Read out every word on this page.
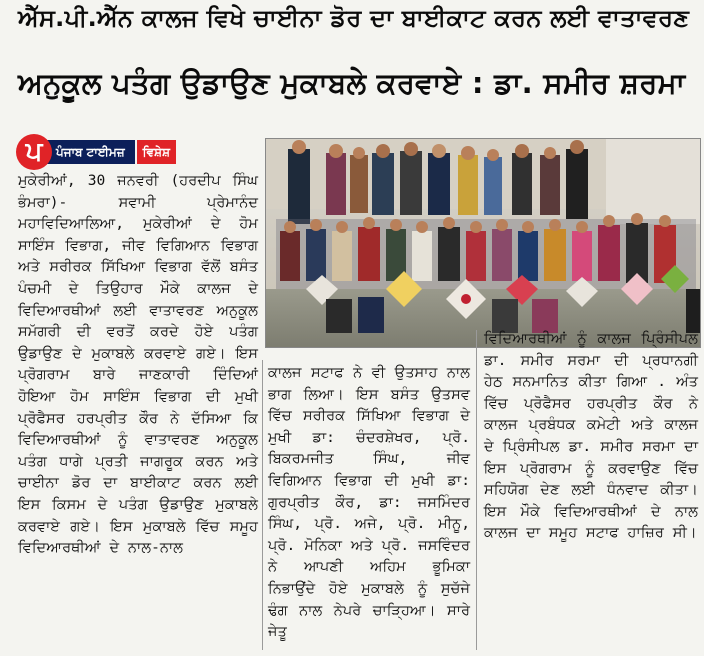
ਐੱਸ.ਪੀ.ਐੱਨ ਕਾਲਜ ਵਿਖੇ ਚਾਈਨਾ ਡੋਰ ਦਾ ਬਾਈਕਾਟ ਕਰਨ ਲਈ ਵਾਤਾਵਰਣ
ਅਨੁਕੂਲ ਪਤੰਗ ਉਡਾਉਣ ਮੁਕਾਬਲੇ ਕਰਵਾਏ : ਡਾ. ਸਮੀਰ ਸ਼ਰਮਾ
ਪ	ਪੰਜਾਬ ਟਾਈਮਜ਼	ਵਿਸ਼ੇਸ਼

ਮੁਕੇਰੀਆਂ, 30 ਜਨਵਰੀ (ਹਰਦੀਪ ਸਿੰਘ ਭੰਮਰਾ)- ਸਵਾਮੀ ਪ੍ਰੇਮਾਨੰਦ ਮਹਾਵਿਦਿਆਲਿਆ, ਮੁਕੇਰੀਆਂ ਦੇ ਹੋਮ ਸਾਇੰਸ ਵਿਭਾਗ, ਜੀਵ ਵਿਗਿਆਨ ਵਿਭਾਗ ਅਤੇ ਸਰੀਰਕ ਸਿੱਖਿਆ ਵਿਭਾਗ ਵੱਲੋਂ ਬਸੰਤ ਪੰਚਮੀ ਦੇ ਤਿਉਹਾਰ ਮੌਕੇ ਕਾਲਜ ਦੇ ਵਿਦਿਆਰਥੀਆਂ ਲਈ ਵਾਤਾਵਰਣ ਅਨੁਕੂਲ ਸਮੱਗਰੀ ਦੀ ਵਰਤੋਂ ਕਰਦੇ ਹੋਏ ਪਤੰਗ ਉਡਾਉਣ ਦੇ ਮੁਕਾਬਲੇ ਕਰਵਾਏ ਗਏ। ਇਸ ਪ੍ਰੋਗਰਾਮ ਬਾਰੇ ਜਾਣਕਾਰੀ ਦਿੰਦਿਆਂ ਹੋਇਆ ਹੋਮ ਸਾਇੰਸ ਵਿਭਾਗ ਦੀ ਮੁਖੀ ਪ੍ਰੋਫੈਸਰ ਹਰਪ੍ਰੀਤ ਕੌਰ ਨੇ ਦੱਸਿਆ ਕਿ ਵਿਦਿਆਰਥੀਆਂ ਨੂੰ ਵਾਤਾਵਰਣ ਅਨੁਕੂਲ ਪਤੰਗ ਧਾਗੇ ਪ੍ਰਤੀ ਜਾਗਰੂਕ ਕਰਨ ਅਤੇ ਚਾਈਨਾ ਡੋਰ ਦਾ ਬਾਈਕਾਟ ਕਰਨ ਲਈ ਇਸ ਕਿਸਮ ਦੇ ਪਤੰਗ ਉਡਾਉਣ ਮੁਕਾਬਲੇ ਕਰਵਾਏ ਗਏ। ਇਸ ਮੁਕਾਬਲੇ ਵਿੱਚ ਸਮੂਹ ਵਿਦਿਆਰਥੀਆਂ ਦੇ ਨਾਲ-ਨਾਲ

ਕਾਲਜ ਸਟਾਫ ਨੇ ਵੀ ਉਤਸਾਹ ਨਾਲ ਭਾਗ ਲਿਆ। ਇਸ ਬਸੰਤ ਉਤਸਵ ਵਿੱਚ ਸਰੀਰਕ ਸਿੱਖਿਆ ਵਿਭਾਗ ਦੇ ਮੁਖੀ ਡਾ: ਚੰਦਰਸ਼ੇਖਰ, ਪ੍ਰੋ. ਬਿਕਰਮਜੀਤ ਸਿੰਘ, ਜੀਵ ਵਿਗਿਆਨ ਵਿਭਾਗ ਦੀ ਮੁਖੀ ਡਾ: ਗੁਰਪ੍ਰੀਤ ਕੌਰ, ਡਾ: ਜਸਮਿੰਦਰ ਸਿੰਘ, ਪ੍ਰੋ. ਅਜੇ, ਪ੍ਰੋ. ਮੀਨੂ, ਪ੍ਰੋ. ਮੋਨਿਕਾ ਅਤੇ ਪ੍ਰੋ. ਜਸਵਿੰਦਰ ਨੇ ਆਪਣੀ ਅਹਿਮ ਭੂਮਿਕਾ ਨਿਭਾਉਂਦੇ ਹੋਏ ਮੁਕਾਬਲੇ ਨੂੰ ਸੁਚੱਜੇ ਢੰਗ ਨਾਲ ਨੇਪਰੇ ਚਾੜ੍ਹਿਆ। ਸਾਰੇ ਜੇਤੂ

ਵਿਦਿਆਰਥੀਆਂ ਨੂੰ ਕਾਲਜ ਪ੍ਰਿੰਸੀਪਲ ਡਾ. ਸਮੀਰ ਸਰਮਾ ਦੀ ਪ੍ਰਧਾਨਗੀ ਹੇਠ ਸਨਮਾਨਿਤ ਕੀਤਾ ਗਿਆ . ਅੰਤ ਵਿੱਚ ਪ੍ਰੋਫੈਸਰ ਹਰਪ੍ਰੀਤ ਕੌਰ ਨੇ ਕਾਲਜ ਪ੍ਰਬੰਧਕ ਕਮੇਟੀ ਅਤੇ ਕਾਲਜ ਦੇ ਪ੍ਰਿੰਸੀਪਲ ਡਾ. ਸਮੀਰ ਸਰਮਾ ਦਾ ਇਸ ਪ੍ਰੋਗਰਾਮ ਨੂੰ ਕਰਵਾਉਣ ਵਿੱਚ ਸਹਿਯੋਗ ਦੇਣ ਲਈ ਧੰਨਵਾਦ ਕੀਤਾ। ਇਸ ਮੌਕੇ ਵਿਦਿਆਰਥੀਆਂ ਦੇ ਨਾਲ ਕਾਲਜ ਦਾ ਸਮੂਹ ਸਟਾਫ ਹਾਜ਼ਿਰ ਸੀ।
